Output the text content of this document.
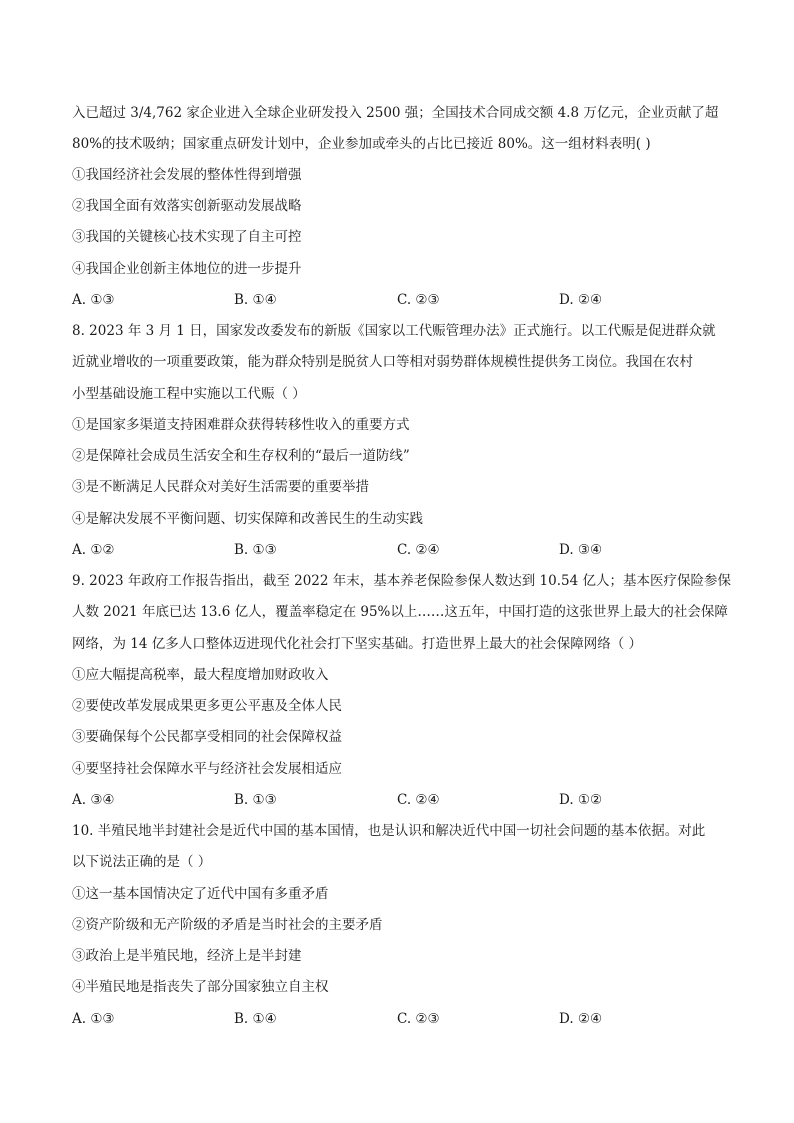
入已超过 3/4,762 家企业进入全球企业研发投入 2500 强；全国技术合同成交额 4.8 万亿元，企业贡献了超
80%的技术吸纳；国家重点研发计划中，企业参加或牵头的占比已接近 80%。这一组材料表明( )
①我国经济社会发展的整体性得到增强
②我国全面有效落实创新驱动发展战略
③我国的关键核心技术实现了自主可控
④我国企业创新主体地位的进一步提升
A. ①③	B. ①④	C. ②③	D. ②④
8. 2023 年 3 月 1 日，国家发改委发布的新版《国家以工代赈管理办法》正式施行。以工代赈是促进群众就
近就业增收的一项重要政策，能为群众特别是脱贫人口等相对弱势群体规模性提供务工岗位。我国在农村
小型基础设施工程中实施以工代赈（ ）
①是国家多渠道支持困难群众获得转移性收入的重要方式
②是保障社会成员生活安全和生存权利的“最后一道防线”
③是不断满足人民群众对美好生活需要的重要举措
④是解决发展不平衡问题、切实保障和改善民生的生动实践
A. ①②	B. ①③	C. ②④	D. ③④
9. 2023 年政府工作报告指出，截至 2022 年末，基本养老保险参保人数达到 10.54 亿人；基本医疗保险参保
人数 2021 年底已达 13.6 亿人，覆盖率稳定在 95%以上……这五年，中国打造的这张世界上最大的社会保障
网络，为 14 亿多人口整体迈进现代化社会打下坚实基础。打造世界上最大的社会保障网络（ ）
①应大幅提高税率，最大程度增加财政收入
②要使改革发展成果更多更公平惠及全体人民
③要确保每个公民都享受相同的社会保障权益
④要坚持社会保障水平与经济社会发展相适应
A. ③④	B. ①③	C. ②④	D. ①②
10. 半殖民地半封建社会是近代中国的基本国情，也是认识和解决近代中国一切社会问题的基本依据。对此
以下说法正确的是（ ）
①这一基本国情决定了近代中国有多重矛盾
②资产阶级和无产阶级的矛盾是当时社会的主要矛盾
③政治上是半殖民地，经济上是半封建
④半殖民地是指丧失了部分国家独立自主权
A. ①③	B. ①④	C. ②③	D. ②④
